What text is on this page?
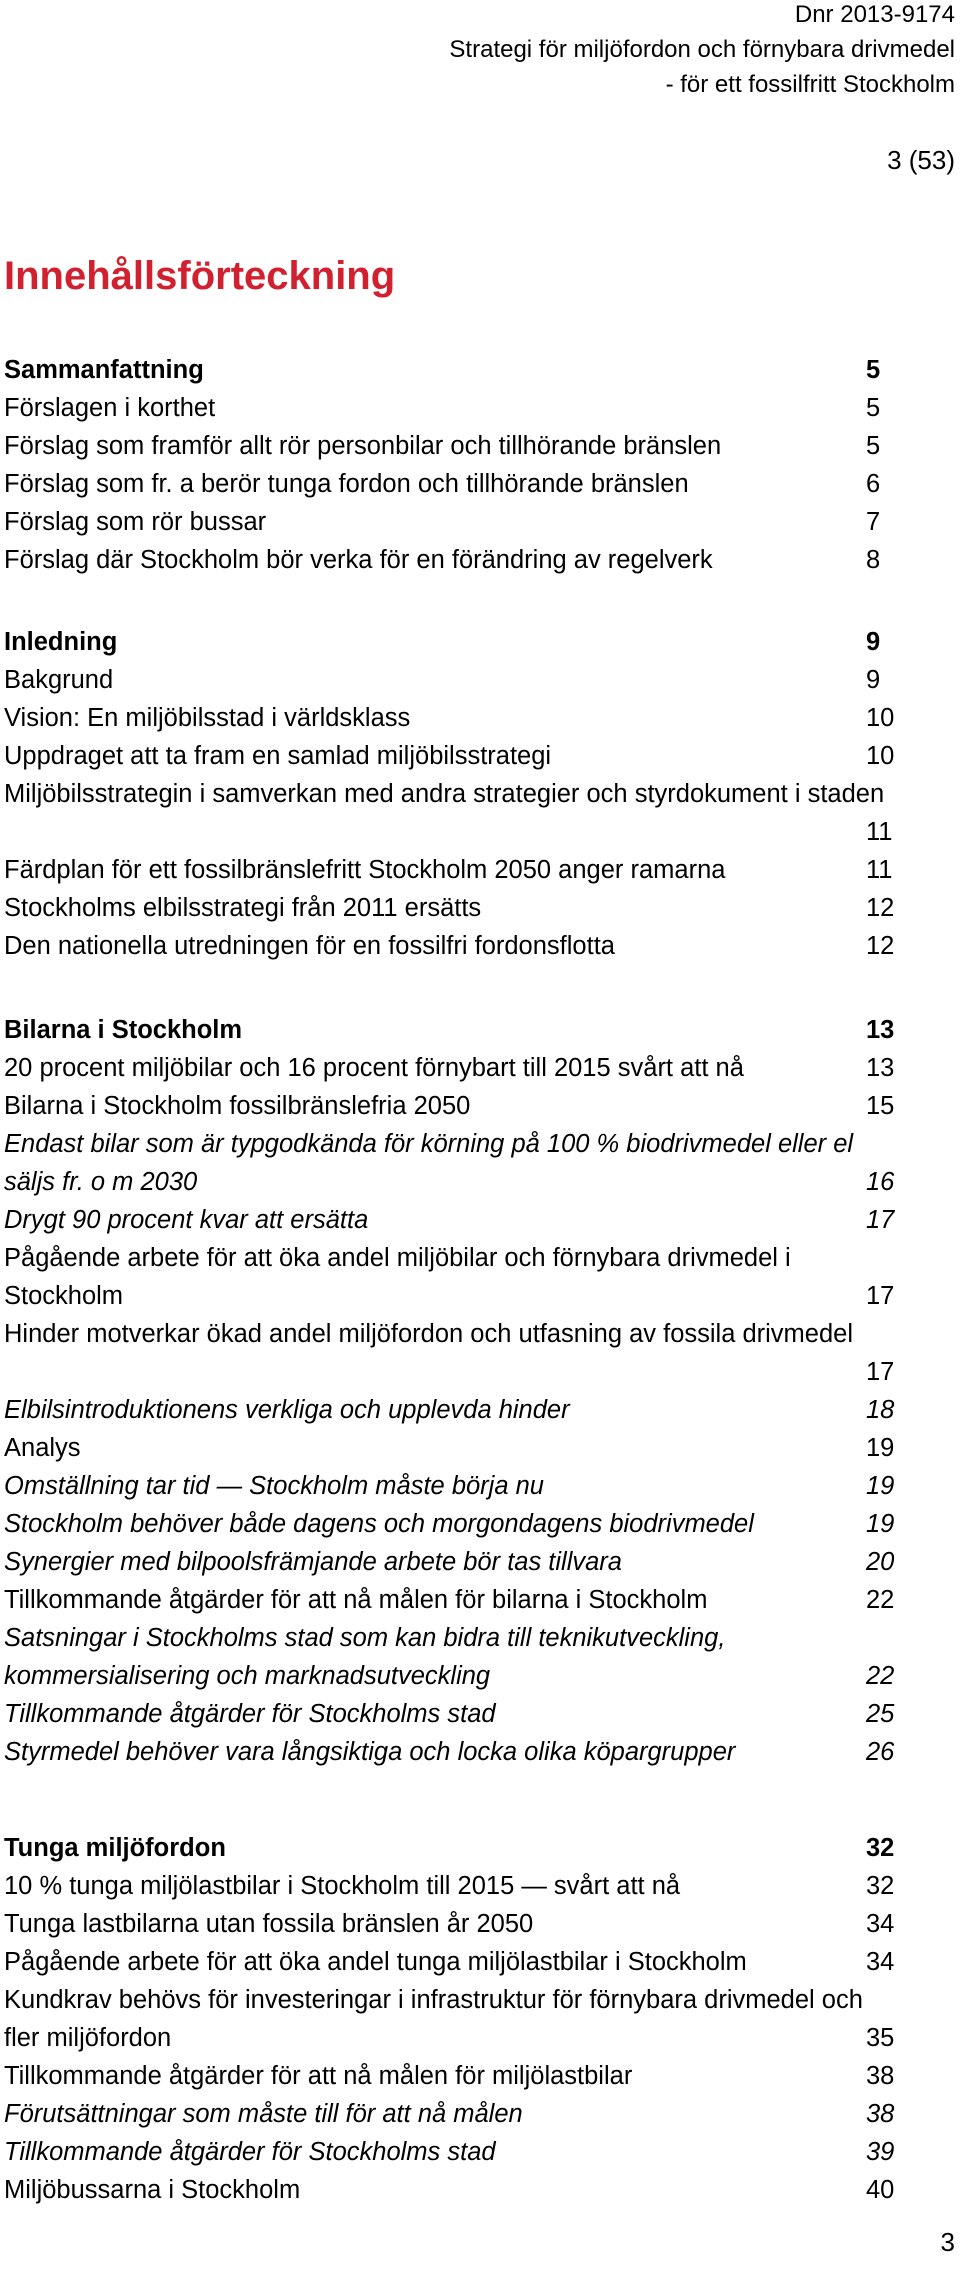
Dnr 2013-9174
Strategi för miljöfordon och förnybara drivmedel
- för ett fossilfritt Stockholm
3 (53)
Innehållsförteckning
Sammanfattning	5
Förslagen i korthet	5
Förslag som framför allt rör personbilar och tillhörande bränslen	5
Förslag som fr. a berör tunga fordon och tillhörande bränslen	6
Förslag som rör bussar	7
Förslag där Stockholm bör verka för en förändring av regelverk	8
Inledning	9
Bakgrund	9
Vision: En miljöbilsstad i världsklass	10
Uppdraget att ta fram en samlad miljöbilsstrategi	10
Miljöbilsstrategin i samverkan med andra strategier och styrdokument i staden
11
Färdplan för ett fossilbränslefritt Stockholm 2050 anger ramarna	11
Stockholms elbilsstrategi från 2011 ersätts	12
Den nationella utredningen för en fossilfri fordonsflotta	12
Bilarna i Stockholm	13
20 procent miljöbilar och 16 procent förnybart till 2015 svårt att nå	13
Bilarna i Stockholm fossilbränslefria 2050	15
Endast bilar som är typgodkända för körning på 100 % biodrivmedel eller el säljs fr. o m 2030	16
Drygt 90 procent kvar att ersätta	17
Pågående arbete för att öka andel miljöbilar och förnybara drivmedel i Stockholm	17
Hinder motverkar ökad andel miljöfordon och utfasning av fossila drivmedel
17
Elbilsintroduktionens verkliga och upplevda hinder	18
Analys	19
Omställning tar tid — Stockholm måste börja nu	19
Stockholm behöver både dagens och morgondagens biodrivmedel	19
Synergier med bilpoolsfrämjande arbete bör tas tillvara	20
Tillkommande åtgärder för att nå målen för bilarna i Stockholm	22
Satsningar i Stockholms stad som kan bidra till teknikutveckling, kommersialisering och marknadsutveckling	22
Tillkommande åtgärder för Stockholms stad	25
Styrmedel behöver vara långsiktiga och locka olika köpargrupper	26
Tunga miljöfordon	32
10 % tunga miljölastbilar i Stockholm till 2015 — svårt att nå	32
Tunga lastbilarna utan fossila bränslen år 2050	34
Pågående arbete för att öka andel tunga miljölastbilar i Stockholm	34
Kundkrav behövs för investeringar i infrastruktur för förnybara drivmedel och fler miljöfordon	35
Tillkommande åtgärder för att nå målen för miljölastbilar	38
Förutsättningar som måste till för att nå målen	38
Tillkommande åtgärder för Stockholms stad	39
Miljöbussarna i Stockholm	40
3
